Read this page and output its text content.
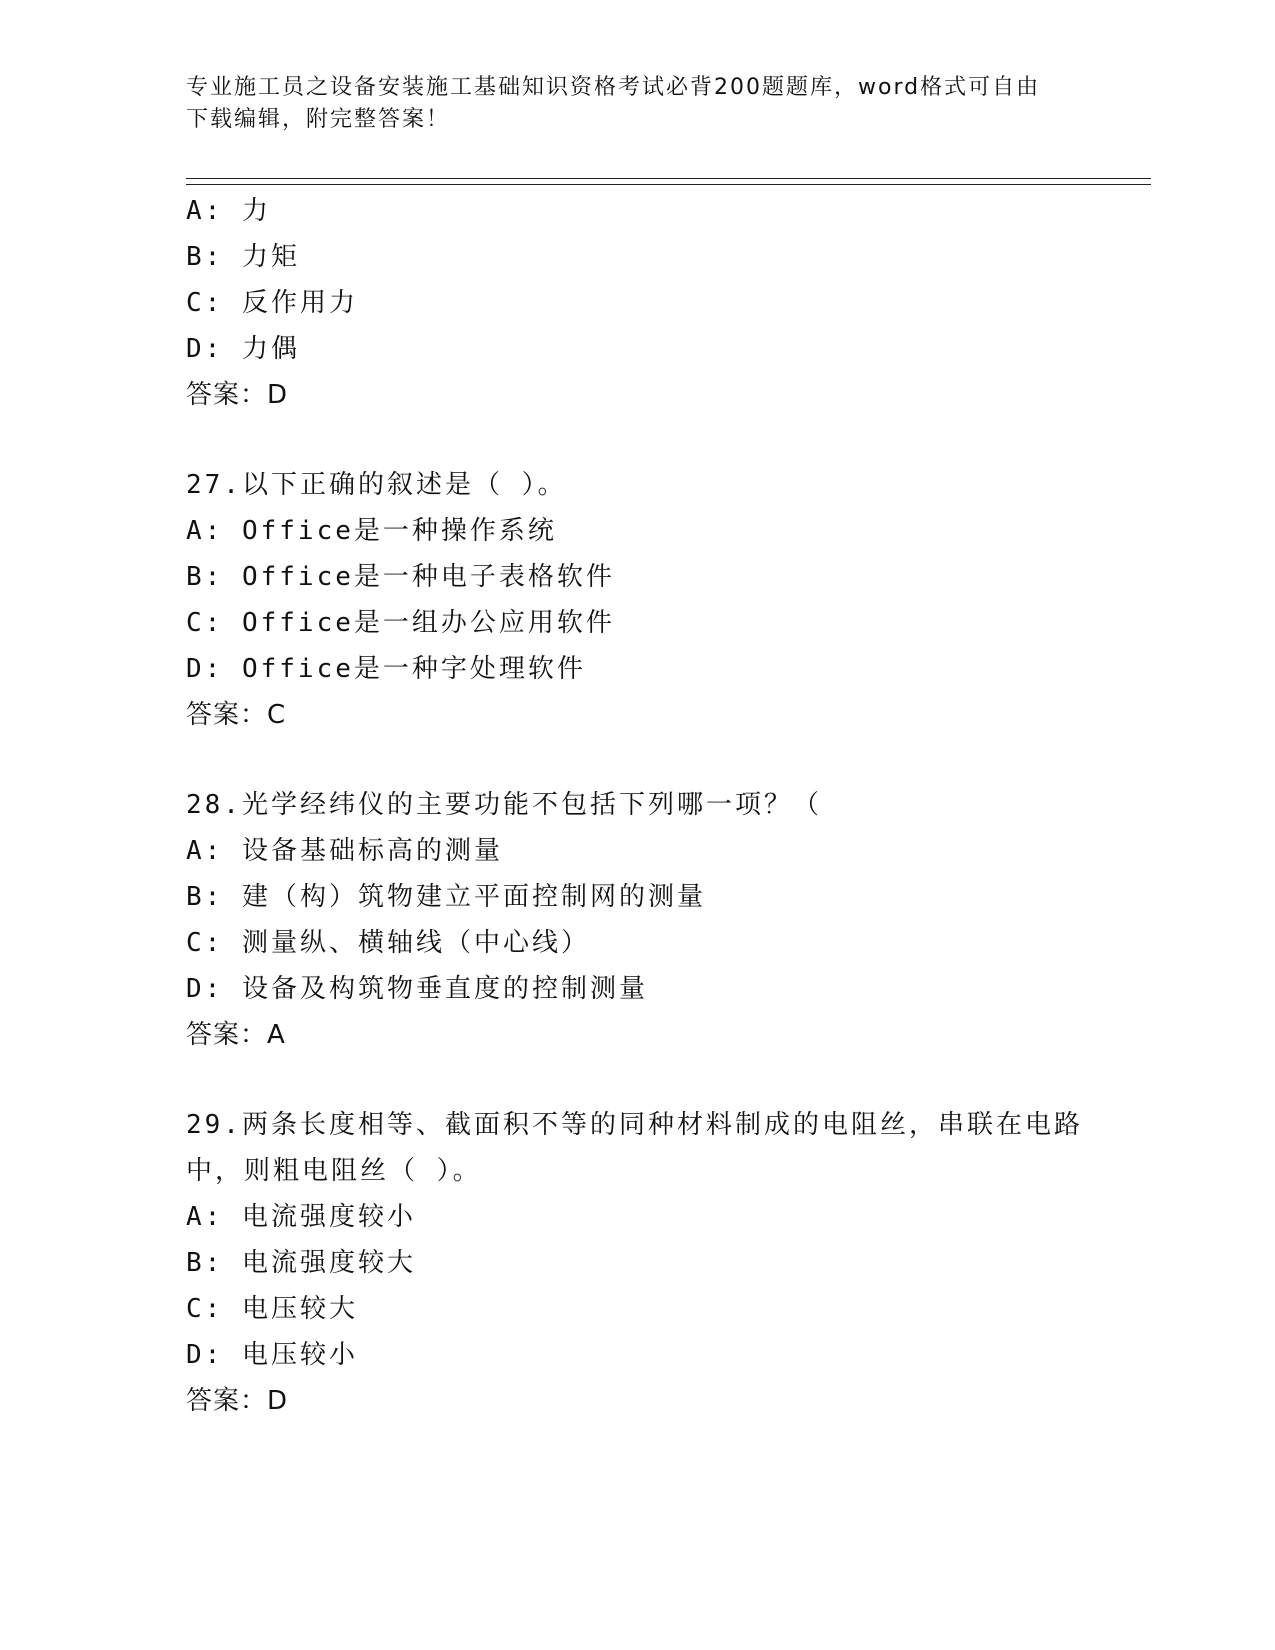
专业施工员之设备安装施工基础知识资格考试必背200题题库，word格式可自由
下载编辑，附完整答案！
A: 力
B: 力矩
C: 反作用力
D: 力偶
答案：D
27.以下正确的叙述是（ ）。
A: Office是一种操作系统
B: Office是一种电子表格软件
C: Office是一组办公应用软件
D: Office是一种字处理软件
答案：C
28.光学经纬仪的主要功能不包括下列哪一项？（
A: 设备基础标高的测量
B: 建（构）筑物建立平面控制网的测量
C: 测量纵、横轴线（中心线）
D: 设备及构筑物垂直度的控制测量
答案：A
29.两条长度相等、截面积不等的同种材料制成的电阻丝，串联在电路
中，则粗电阻丝（ ）。
A: 电流强度较小
B: 电流强度较大
C: 电压较大
D: 电压较小
答案：D
